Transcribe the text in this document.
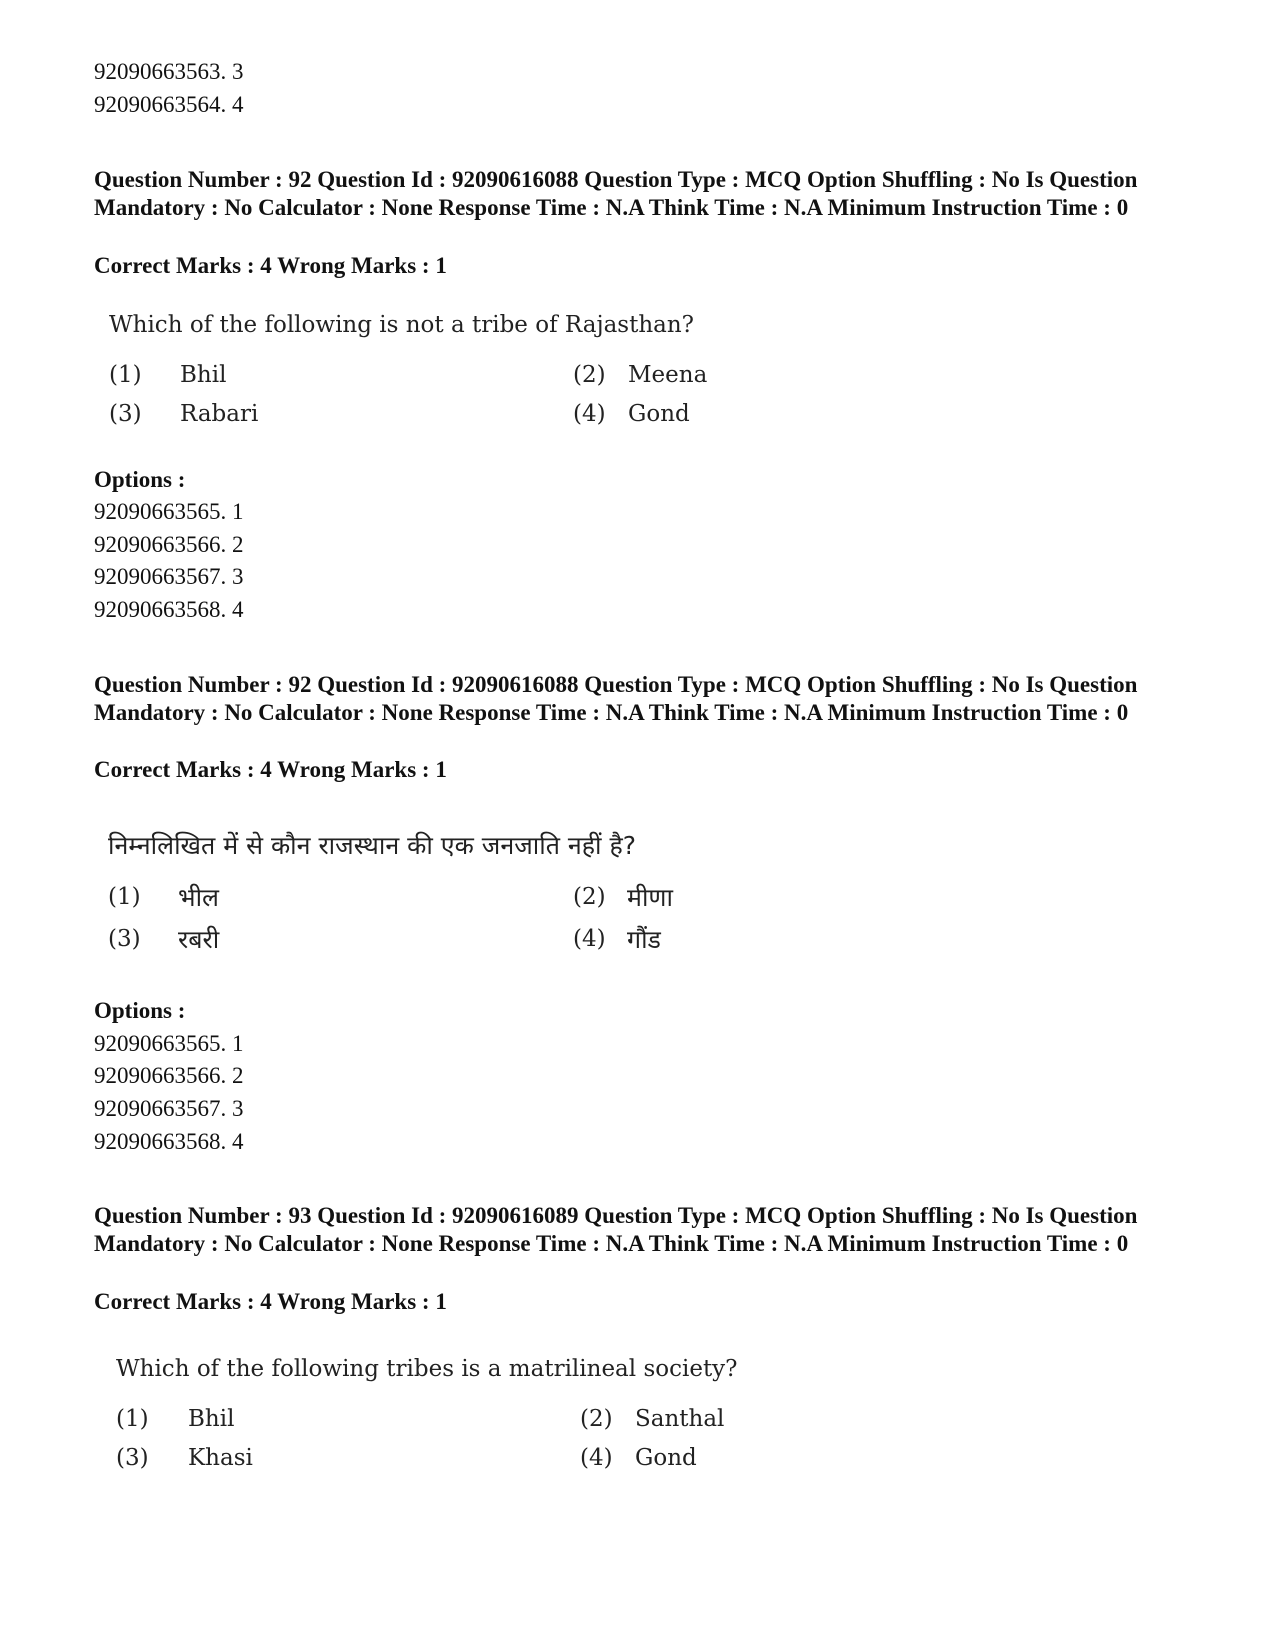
92090663563. 3
92090663564. 4
Question Number : 92 Question Id : 92090616088 Question Type : MCQ Option Shuffling : No Is Question Mandatory : No Calculator : None Response Time : N.A Think Time : N.A Minimum Instruction Time : 0
Correct Marks : 4 Wrong Marks : 1
Which of the following is not a tribe of Rajasthan?
(1) Bhil	(2) Meena
(3) Rabari	(4) Gond
Options :
92090663565. 1
92090663566. 2
92090663567. 3
92090663568. 4
Question Number : 92 Question Id : 92090616088 Question Type : MCQ Option Shuffling : No Is Question Mandatory : No Calculator : None Response Time : N.A Think Time : N.A Minimum Instruction Time : 0
Correct Marks : 4 Wrong Marks : 1
निम्नलिखित में से कौन राजस्थान की एक जनजाति नहीं है?
(1) भील	(2) मीणा
(3) रबरी	(4) गौंड
Options :
92090663565. 1
92090663566. 2
92090663567. 3
92090663568. 4
Question Number : 93 Question Id : 92090616089 Question Type : MCQ Option Shuffling : No Is Question Mandatory : No Calculator : None Response Time : N.A Think Time : N.A Minimum Instruction Time : 0
Correct Marks : 4 Wrong Marks : 1
Which of the following tribes is a matrilineal society?
(1) Bhil	(2) Santhal
(3) Khasi	(4) Gond
